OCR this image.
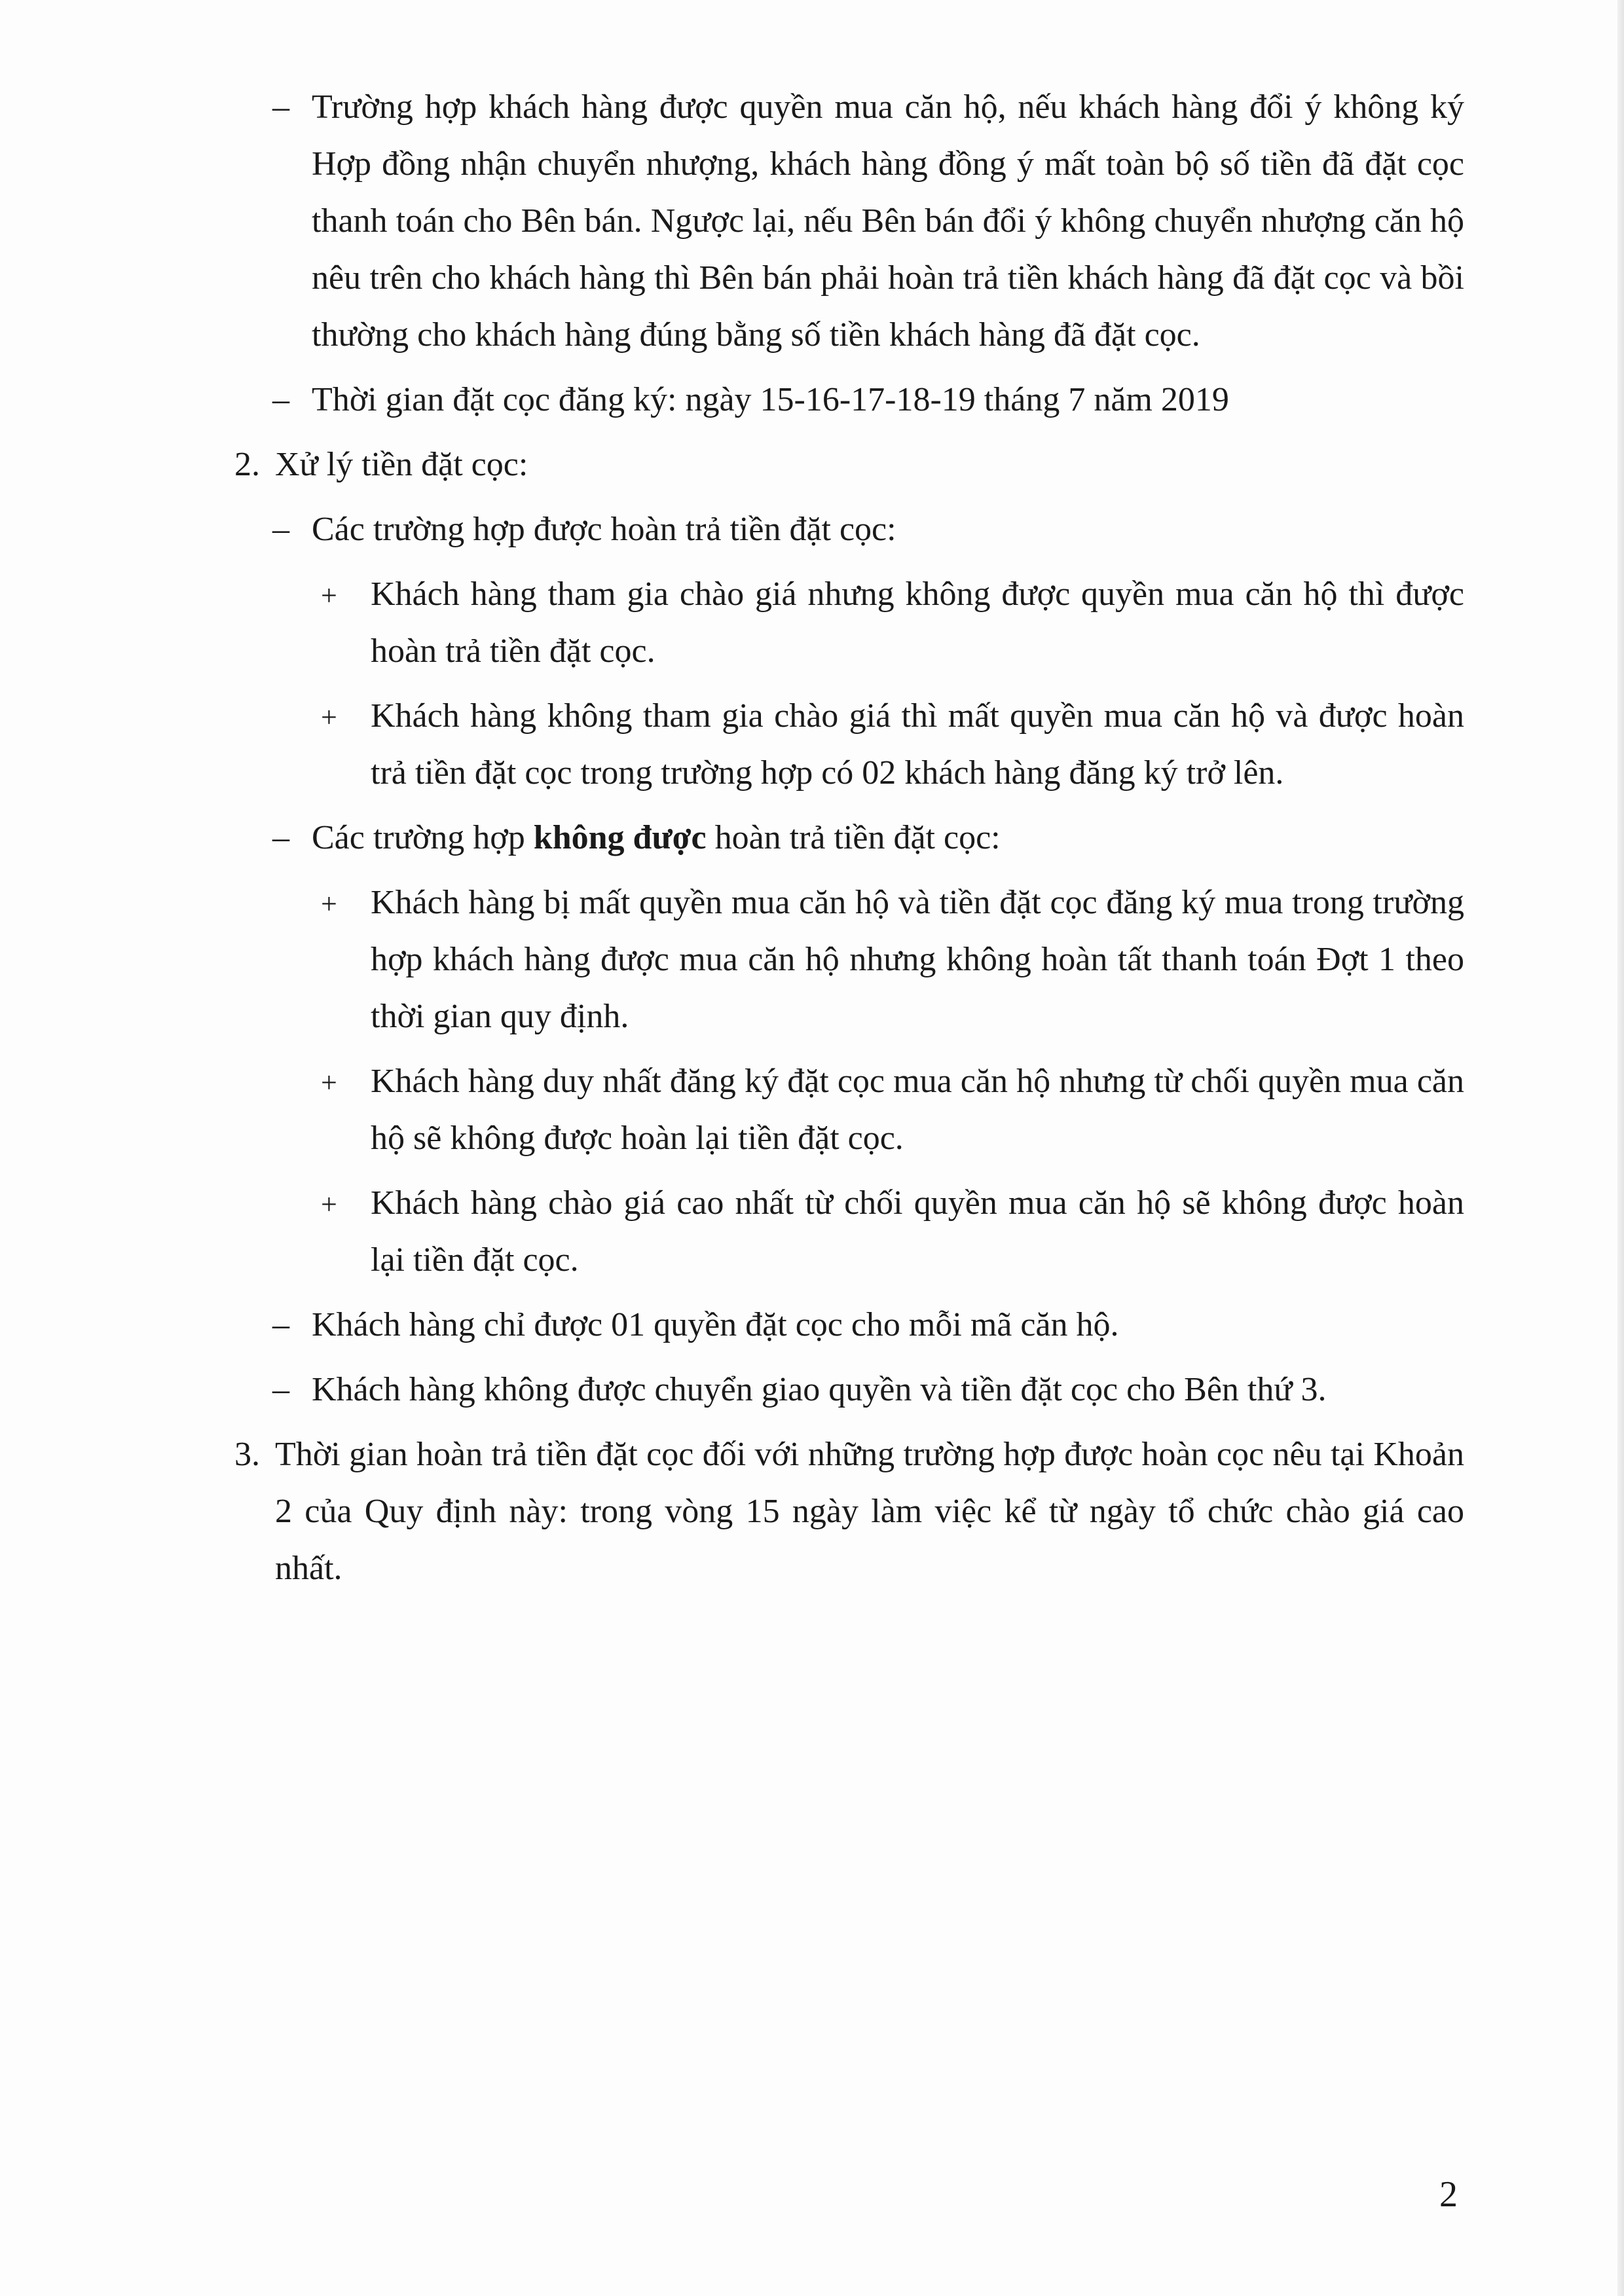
– Trường hợp khách hàng được quyền mua căn hộ, nếu khách hàng đổi ý không ký Hợp đồng nhận chuyển nhượng, khách hàng đồng ý mất toàn bộ số tiền đã đặt cọc thanh toán cho Bên bán. Ngược lại, nếu Bên bán đổi ý không chuyển nhượng căn hộ nêu trên cho khách hàng thì Bên bán phải hoàn trả tiền khách hàng đã đặt cọc và bồi thường cho khách hàng đúng bằng số tiền khách hàng đã đặt cọc.
– Thời gian đặt cọc đăng ký: ngày 15-16-17-18-19 tháng 7 năm 2019
2. Xử lý tiền đặt cọc:
– Các trường hợp được hoàn trả tiền đặt cọc:
+ Khách hàng tham gia chào giá nhưng không được quyền mua căn hộ thì được hoàn trả tiền đặt cọc.
+ Khách hàng không tham gia chào giá thì mất quyền mua căn hộ và được hoàn trả tiền đặt cọc trong trường hợp có 02 khách hàng đăng ký trở lên.
– Các trường hợp không được hoàn trả tiền đặt cọc:
+ Khách hàng bị mất quyền mua căn hộ và tiền đặt cọc đăng ký mua trong trường hợp khách hàng được mua căn hộ nhưng không hoàn tất thanh toán Đợt 1 theo thời gian quy định.
+ Khách hàng duy nhất đăng ký đặt cọc mua căn hộ nhưng từ chối quyền mua căn hộ sẽ không được hoàn lại tiền đặt cọc.
+ Khách hàng chào giá cao nhất từ chối quyền mua căn hộ sẽ không được hoàn lại tiền đặt cọc.
– Khách hàng chỉ được 01 quyền đặt cọc cho mỗi mã căn hộ.
– Khách hàng không được chuyển giao quyền và tiền đặt cọc cho Bên thứ 3.
3. Thời gian hoàn trả tiền đặt cọc đối với những trường hợp được hoàn cọc nêu tại Khoản 2 của Quy định này: trong vòng 15 ngày làm việc kể từ ngày tổ chức chào giá cao nhất.
2
